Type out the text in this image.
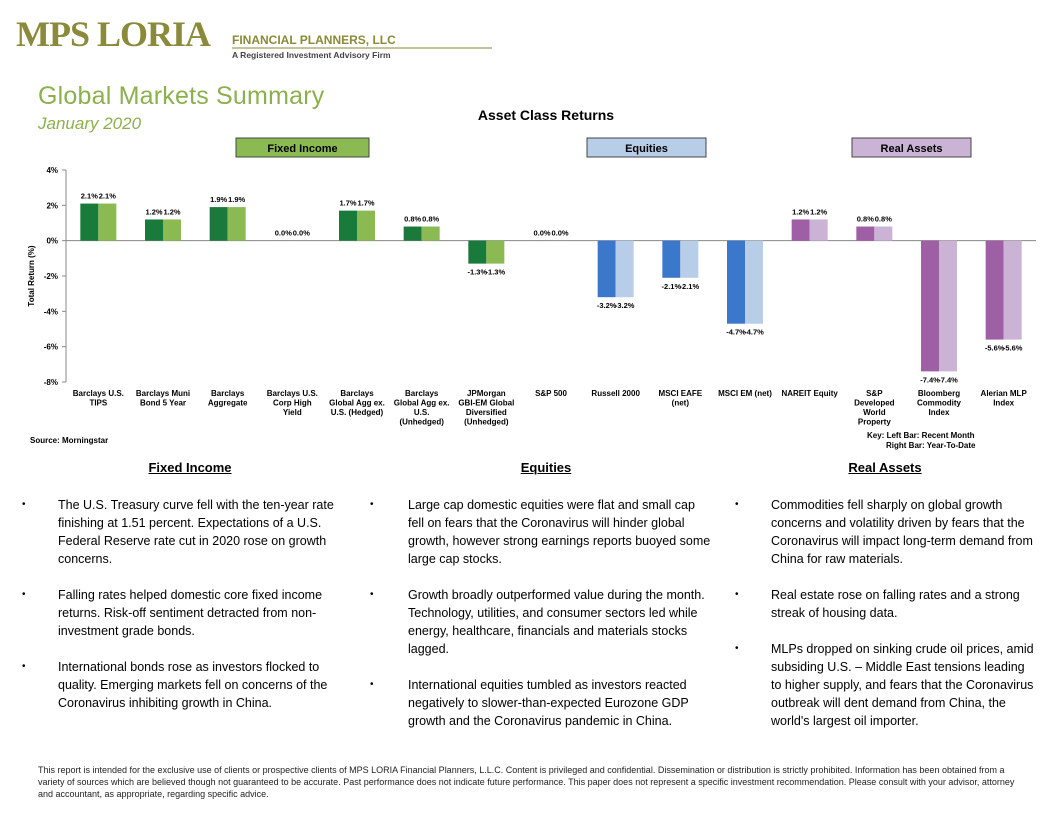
MPS LORIA FINANCIAL PLANNERS, LLC
A Registered Investment Advisory Firm
Global Markets Summary
January 2020	Asset Class Returns
Fixed Income	Equities	Real Assets
4%
2%
0%
-2%
-4%
-6%
-8%
Total Return (%)
2.1% 2.1%
1.2% 1.2%
1.9% 1.9%
0.0% 0.0%
1.7% 1.7%
0.8% 0.8%
-1.3%
-1.3%
0.0% 0.0%
-3.2%
-3.2%
-2.1%
-2.1%
-4.7%
-4.7%
1.2% 1.2%
0.8% 0.8%
-7.4%
-7.4%
-5.6%
-5.6%
Barclays U.S. TIPS
Barclays Muni Bond 5 Year
Barclays Aggregate
Barclays U.S. Corp High Yield
Barclays Global Agg ex. U.S. (Hedged)
Barclays Global Agg ex. U.S. (Unhedged)
JPMorgan GBI-EM Global Diversified (Unhedged)
S&P 500	Russell 2000 MSCI EAFE (net)
MSCI EM (net) NAREIT Equity	S&P Developed World Property
Bloomberg Commodity Index
Alerian MLP Index
Source: Morningstar
Key: Left Bar: Recent Month
Right Bar: Year-To-Date
Fixed Income	Equities	Real Assets
•	The U.S. Treasury curve fell with the ten-year rate finishing at 1.51 percent. Expectations of a U.S. Federal Reserve rate cut in 2020 rose on growth concerns.
•	Falling rates helped domestic core fixed income returns. Risk-off sentiment detracted from non-investment grade bonds.
•	International bonds rose as investors flocked to quality. Emerging markets fell on concerns of the Coronavirus inhibiting growth in China.
•	Large cap domestic equities were flat and small cap fell on fears that the Coronavirus will hinder global growth, however strong earnings reports buoyed some large cap stocks.
•	Growth broadly outperformed value during the month. Technology, utilities, and consumer sectors led while energy, healthcare, financials and materials stocks lagged.
•	International equities tumbled as investors reacted negatively to slower-than-expected Eurozone GDP growth and the Coronavirus pandemic in China.
•	Commodities fell sharply on global growth concerns and volatility driven by fears that the Coronavirus will impact long-term demand from China for raw materials.
•	Real estate rose on falling rates and a strong streak of housing data.
•	MLPs dropped on sinking crude oil prices, amid subsiding U.S. – Middle East tensions leading to higher supply, and fears that the Coronavirus outbreak will dent demand from China, the world's largest oil importer.
This report is intended for the exclusive use of clients or prospective clients of MPS LORIA Financial Planners, L.L.C. Content is privileged and confidential. Dissemination or distribution is strictly prohibited. Information has been obtained from a variety of sources which are believed though not guaranteed to be accurate. Past performance does not indicate future performance. This paper does not represent a specific investment recommendation. Please consult with your advisor, attorney and accountant, as appropriate, regarding specific advice.
